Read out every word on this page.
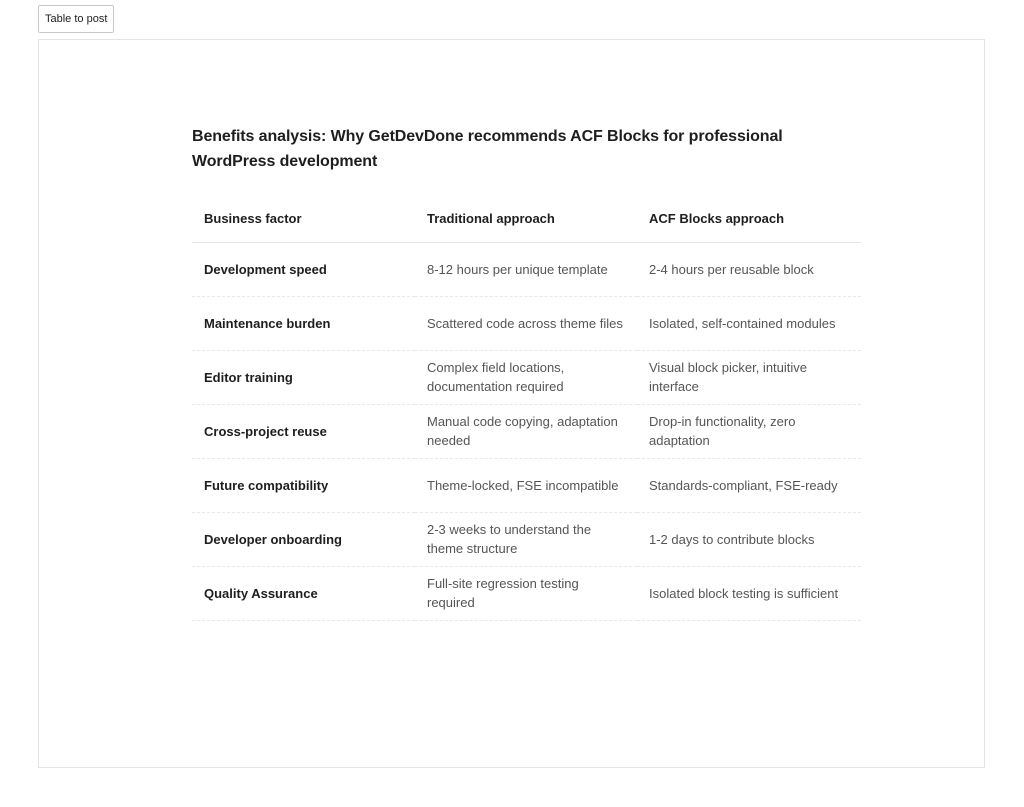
Table to post
Benefits analysis: Why GetDevDone recommends ACF Blocks for professional WordPress development
Business factor	Traditional approach	ACF Blocks approach
Development speed	8-12 hours per unique template	2-4 hours per reusable block
Maintenance burden	Scattered code across theme files	Isolated, self-contained modules
Editor training	Complex field locations, documentation required	Visual block picker, intuitive interface
Cross-project reuse	Manual code copying, adaptation needed	Drop-in functionality, zero adaptation
Future compatibility	Theme-locked, FSE incompatible	Standards-compliant, FSE-ready
Developer onboarding	2-3 weeks to understand the theme structure	1-2 days to contribute blocks
Quality Assurance	Full-site regression testing required	Isolated block testing is sufficient
